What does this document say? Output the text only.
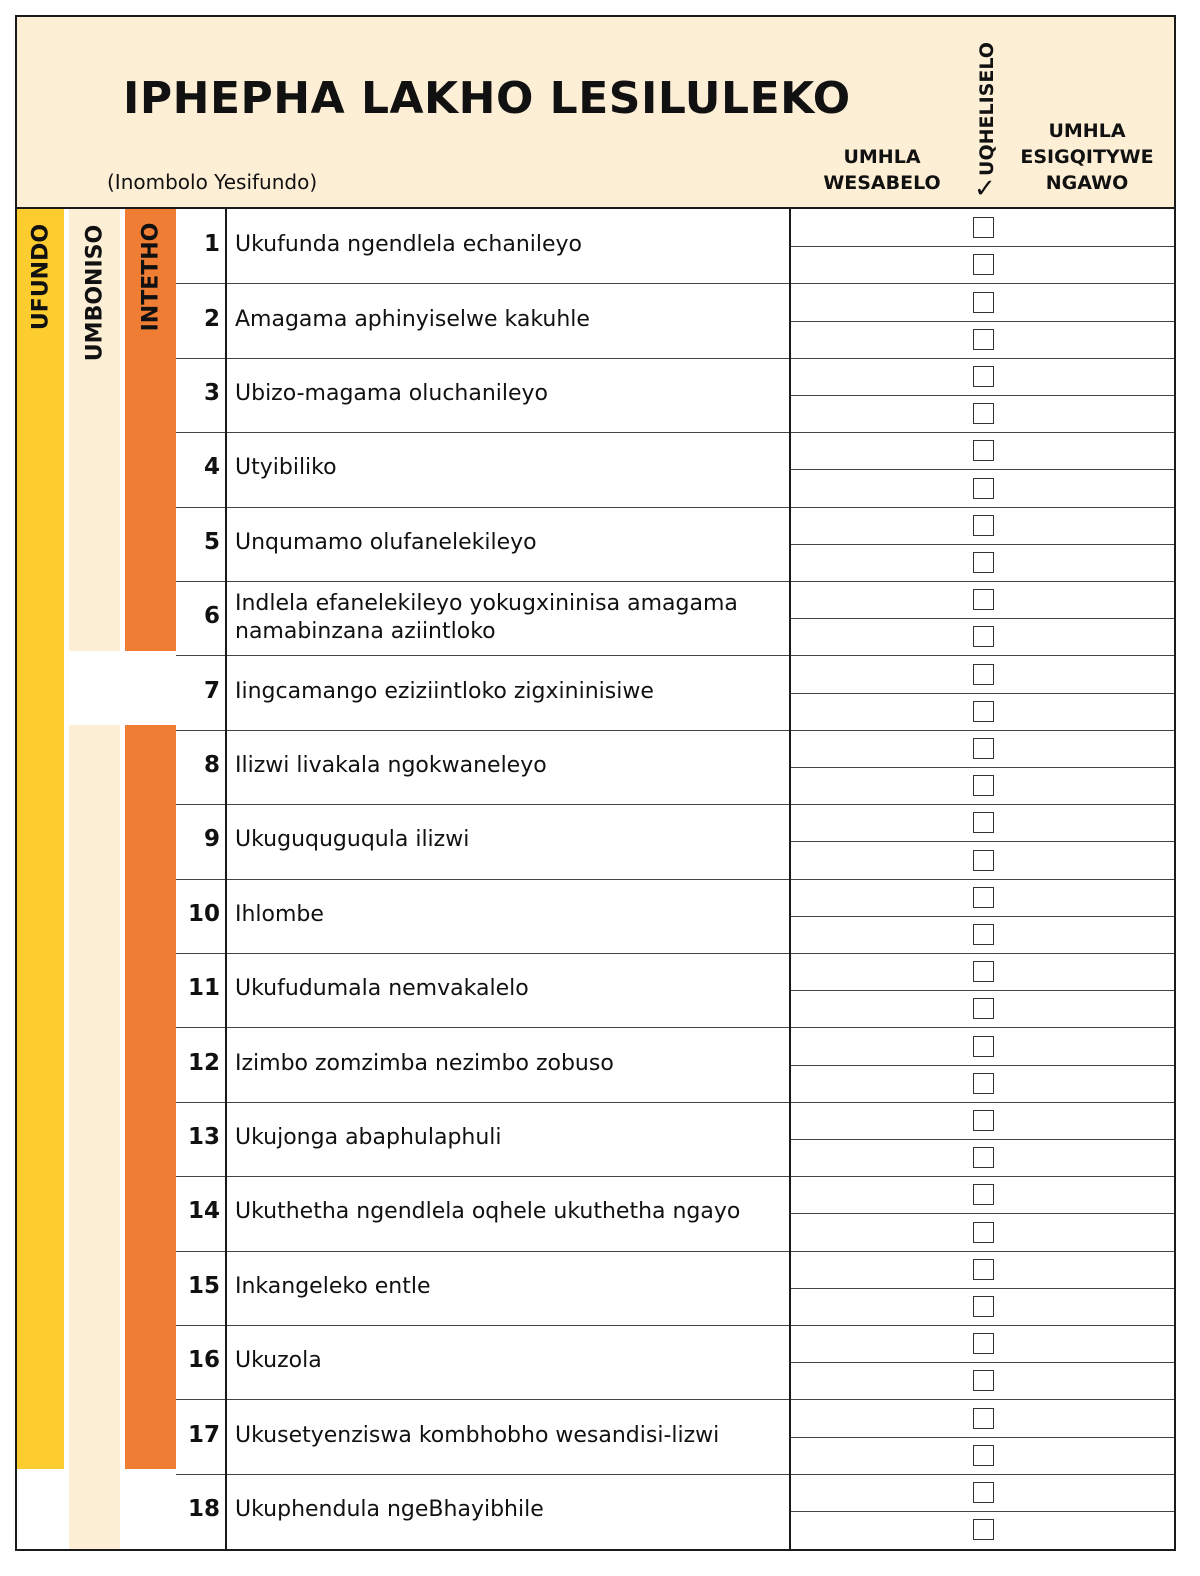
IPHEPHA LAKHO LESILULEKO
(Inombolo Yesifundo)
UMHLA
WESABELO
UQHELISELO
✓
UMHLA
ESIGQITYWE
NGAWO
UFUNDO UMBONISO INTETHO	1 Ukufunda ngendlela echanileyo
2 Amagama aphinyiselwe kakuhle
3 Ubizo-magama oluchanileyo
4 Utyibiliko
5 Unqumamo olufanelekileyo
6 Indlela efanelekileyo yokugxininisa amagama namabinzana aziintloko
7 Iingcamango eziziintloko zigxininisiwe
8 Ilizwi livakala ngokwaneleyo
9 Ukuguquguqula ilizwi
10 Ihlombe
11 Ukufudumala nemvakalelo
12 Izimbo zomzimba nezimbo zobuso
13 Ukujonga abaphulaphuli
14 Ukuthetha ngendlela oqhele ukuthetha ngayo
15 Inkangeleko entle
16 Ukuzola
17 Ukusetyenziswa kombhobho wesandisi-lizwi
18 Ukuphendula ngeBhayibhile
